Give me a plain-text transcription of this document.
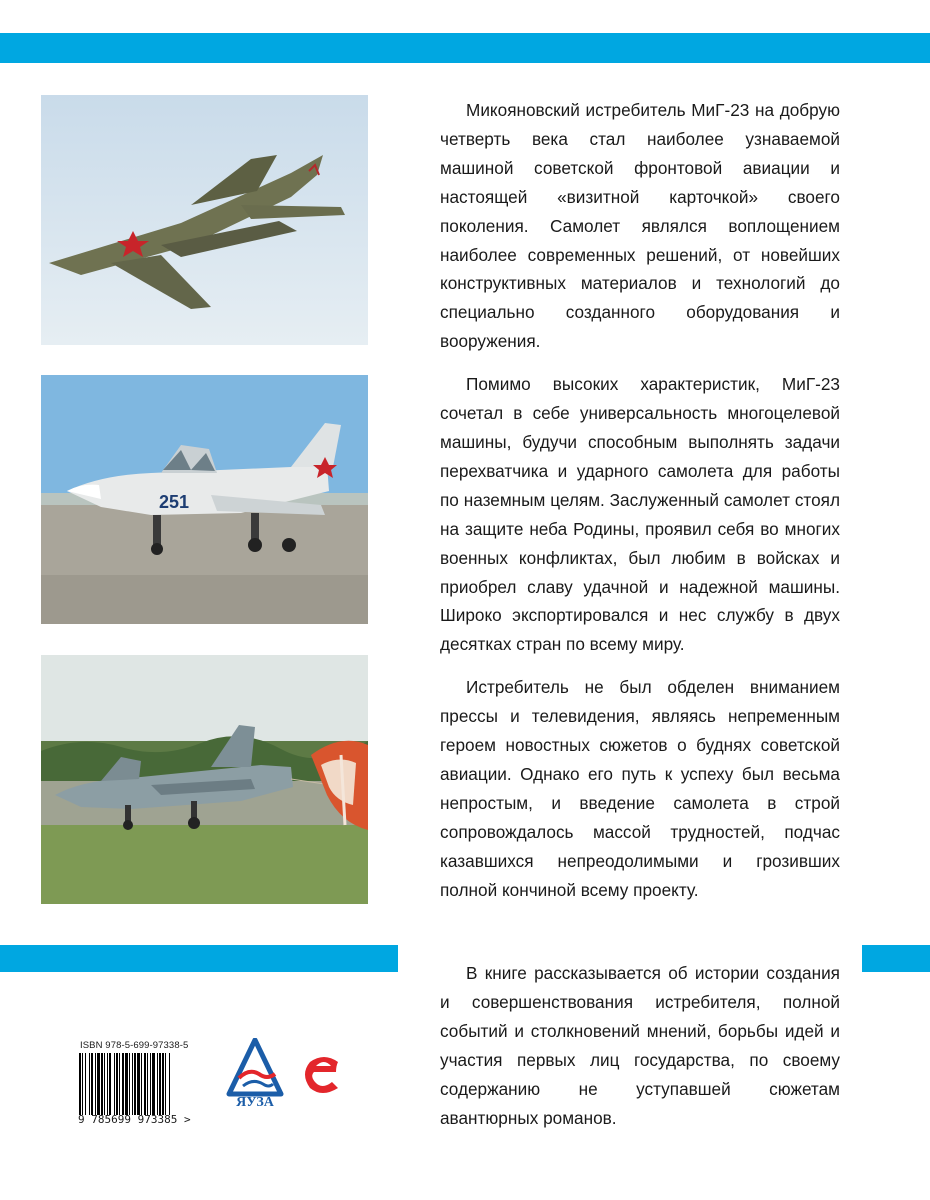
251

Микояновский истребитель МиГ-23 на добрую четверть века стал наиболее узнаваемой машиной советской фронтовой авиации и настоящей «визитной карточкой» своего поколения. Самолет являлся воплощением наиболее современных решений, от новейших конструктивных материалов и технологий до специально созданного оборудования и вооружения.

Помимо высоких характеристик, МиГ-23 сочетал в себе универсальность многоцелевой машины, будучи способным выполнять задачи перехватчика и ударного самолета для работы по наземным целям. Заслуженный самолет стоял на защите неба Родины, проявил себя во многих военных конфликтах, был любим в войсках и приобрел славу удачной и надежной машины. Широко экспортировался и нес службу в двух десятках стран по всему миру.

Истребитель не был обделен вниманием прессы и телевидения, являясь непременным героем новостных сюжетов о буднях советской авиации. Однако его путь к успеху был весьма непростым, и введение самолета в строй сопровождалось массой трудностей, подчас казавшихся непреодолимыми и грозивших полной кончиной всему проекту.

В книге рассказывается об истории создания и совершенствования истребителя, полной событий и столкновений мнений, борьбы идей и участия первых лиц государства, по своему содержанию не уступавшей сюжетам авантюрных романов.

ISBN 978-5-699-97338-5
9 785699 973385 >
ЯУЗА
